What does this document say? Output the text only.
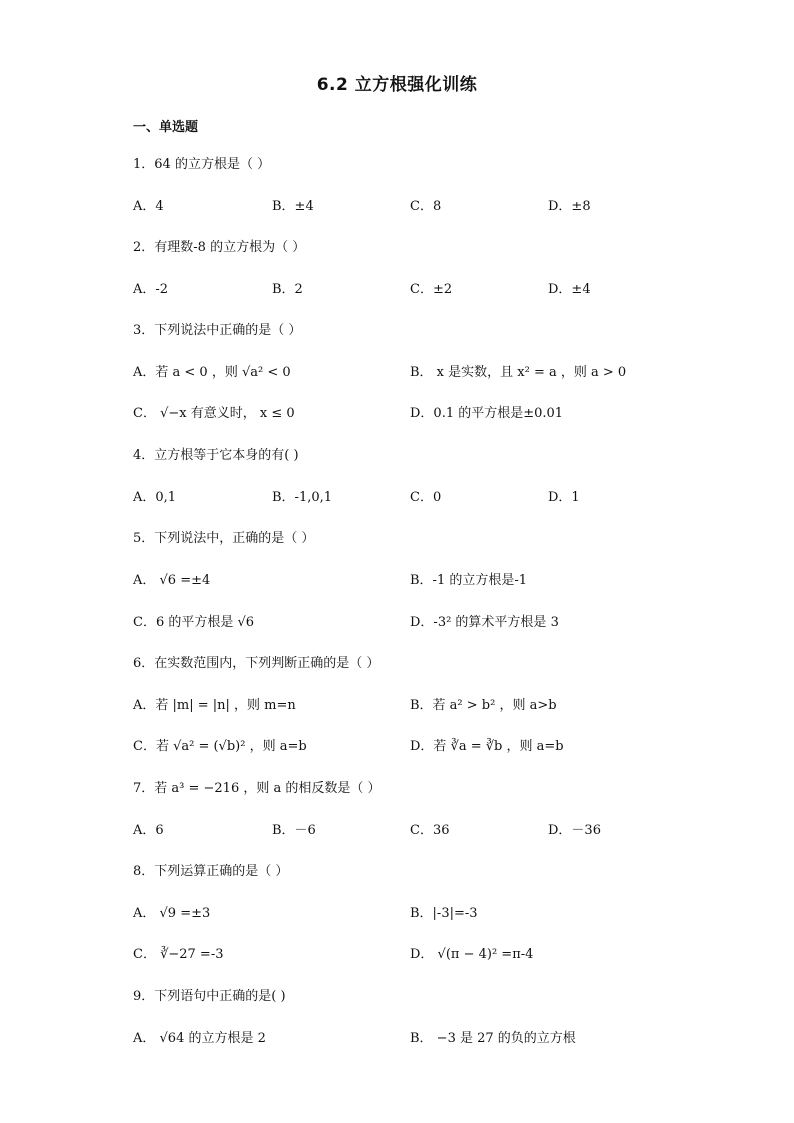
6.2 立方根强化训练
一、单选题
1．64 的立方根是（ ）
A．4	B．±4	C．8	D．±8
2．有理数-8 的立方根为（ ）
A．-2	B．2	C．±2	D．±4
3．下列说法中正确的是（ ）
A．若 a < 0 ，则 √a² < 0	B． x 是实数，且 x² = a ，则 a > 0
C． √−x 有意义时， x ≤ 0	D．0.1 的平方根是±0.01
4．立方根等于它本身的有( )
A．0,1	B．-1,0,1	C．0	D．1
5．下列说法中，正确的是（ ）
A． √6 =±4	B．-1 的立方根是-1
C．6 的平方根是 √6	D．-3² 的算术平方根是 3
6．在实数范围内，下列判断正确的是（ ）
A．若 |m| = |n| ，则 m=n	B．若 a² > b² ，则 a>b
C．若 √a² = (√b)² ，则 a=b	D．若 ∛a = ∛b ，则 a=b
7．若 a³ = −216 ，则 a 的相反数是（ ）
A．6	B．－6	C．36	D．－36
8．下列运算正确的是（ ）
A． √9 =±3	B．|-3|=-3
C． ∛−27 =-3	D． √(π − 4)² =π-4
9．下列语句中正确的是( )
A． √64 的立方根是 2	B． −3 是 27 的负的立方根
